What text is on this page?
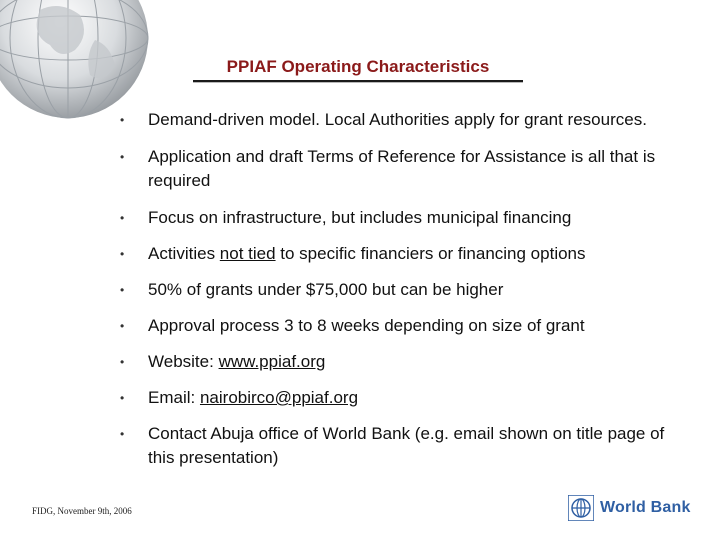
PPIAF Operating Characteristics
• Demand-driven model. Local Authorities apply for grant resources.
• Application and draft Terms of Reference for Assistance is all that is required
• Focus on infrastructure, but includes municipal financing
• Activities not tied to specific financiers or financing options
• 50% of grants under $75,000 but can be higher
• Approval process 3 to 8 weeks depending on size of grant
• Website: www.ppiaf.org
• Email: nairobirco@ppiaf.org
• Contact Abuja office of World Bank (e.g. email shown on title page of this presentation)
FIDG, November 9th, 2006	World Bank
